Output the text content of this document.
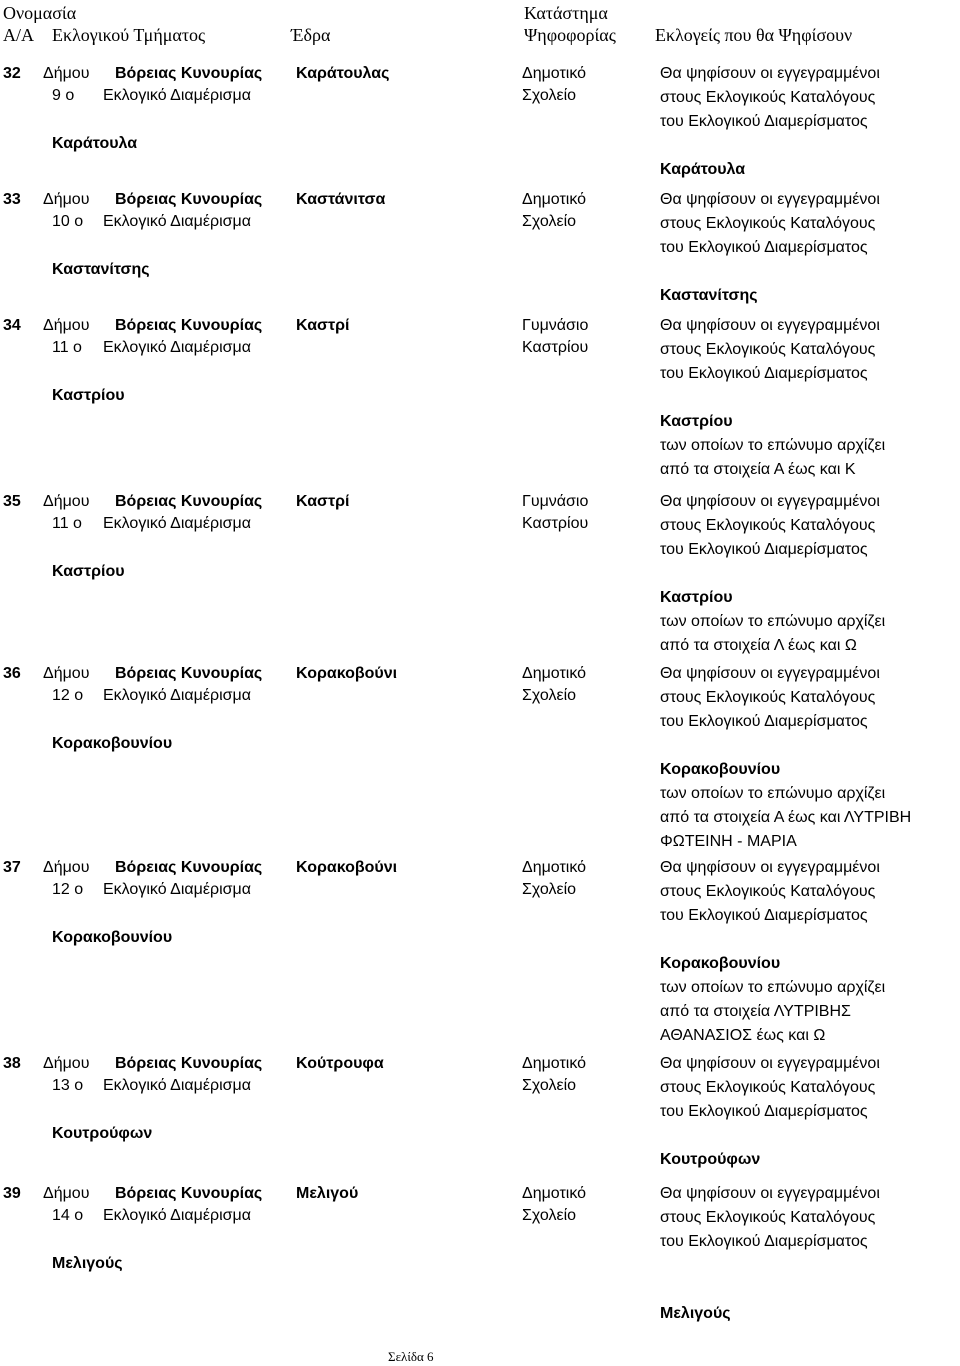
Ονομασία
Α/Α Εκλογικού Τμήματος	Έδρα
Κατάστημα
Ψηφοφορίας Εκλογείς που θα Ψηφίσουν
32 Δήμου Βόρειας Κυνουρίας Καράτουλας
9 ο Εκλογικό Διαμέρισμα
Καράτουλα
Δημοτικό
Σχολείο
Θα ψηφίσουν οι εγγεγραμμένοι
στους Εκλογικούς Καταλόγους
του Εκλογικού Διαμερίσματος
Καράτουλα
33 Δήμου Βόρειας Κυνουρίας Καστάνιτσα
10 ο Εκλογικό Διαμέρισμα
Καστανίτσης
Δημοτικό
Σχολείο
Θα ψηφίσουν οι εγγεγραμμένοι
στους Εκλογικούς Καταλόγους
του Εκλογικού Διαμερίσματος
Καστανίτσης
34 Δήμου Βόρειας Κυνουρίας Καστρί
11 ο Εκλογικό Διαμέρισμα
Καστρίου
Γυμνάσιο
Καστρίου
Θα ψηφίσουν οι εγγεγραμμένοι
στους Εκλογικούς Καταλόγους
του Εκλογικού Διαμερίσματος
Καστρίου
των οποίων το επώνυμο αρχίζει
από τα στοιχεία Α έως και Κ
35 Δήμου Βόρειας Κυνουρίας Καστρί
11 ο Εκλογικό Διαμέρισμα
Καστρίου
Γυμνάσιο
Καστρίου
Θα ψηφίσουν οι εγγεγραμμένοι
στους Εκλογικούς Καταλόγους
του Εκλογικού Διαμερίσματος
Καστρίου
των οποίων το επώνυμο αρχίζει
από τα στοιχεία Λ έως και Ω
36 Δήμου Βόρειας Κυνουρίας Κορακοβούνι
12 ο Εκλογικό Διαμέρισμα
Κορακοβουνίου
Δημοτικό
Σχολείο
Θα ψηφίσουν οι εγγεγραμμένοι
στους Εκλογικούς Καταλόγους
του Εκλογικού Διαμερίσματος
Κορακοβουνίου
των οποίων το επώνυμο αρχίζει
από τα στοιχεία Α έως και ΛΥΤΡΙΒΗ
ΦΩΤΕΙΝΗ - ΜΑΡΙΑ
37 Δήμου Βόρειας Κυνουρίας Κορακοβούνι
12 ο Εκλογικό Διαμέρισμα
Κορακοβουνίου
Δημοτικό
Σχολείο
Θα ψηφίσουν οι εγγεγραμμένοι
στους Εκλογικούς Καταλόγους
του Εκλογικού Διαμερίσματος
Κορακοβουνίου
των οποίων το επώνυμο αρχίζει
από τα στοιχεία ΛΥΤΡΙΒΗΣ
ΑΘΑΝΑΣΙΟΣ έως και Ω
38 Δήμου Βόρειας Κυνουρίας Κούτρουφα
13 ο Εκλογικό Διαμέρισμα
Κουτρούφων
Δημοτικό
Σχολείο
Θα ψηφίσουν οι εγγεγραμμένοι
στους Εκλογικούς Καταλόγους
του Εκλογικού Διαμερίσματος
Κουτρούφων
39 Δήμου Βόρειας Κυνουρίας Μελιγού
14 ο Εκλογικό Διαμέρισμα
Μελιγούς
Δημοτικό
Σχολείο
Θα ψηφίσουν οι εγγεγραμμένοι
στους Εκλογικούς Καταλόγους
του Εκλογικού Διαμερίσματος
Μελιγούς
Σελίδα 6
